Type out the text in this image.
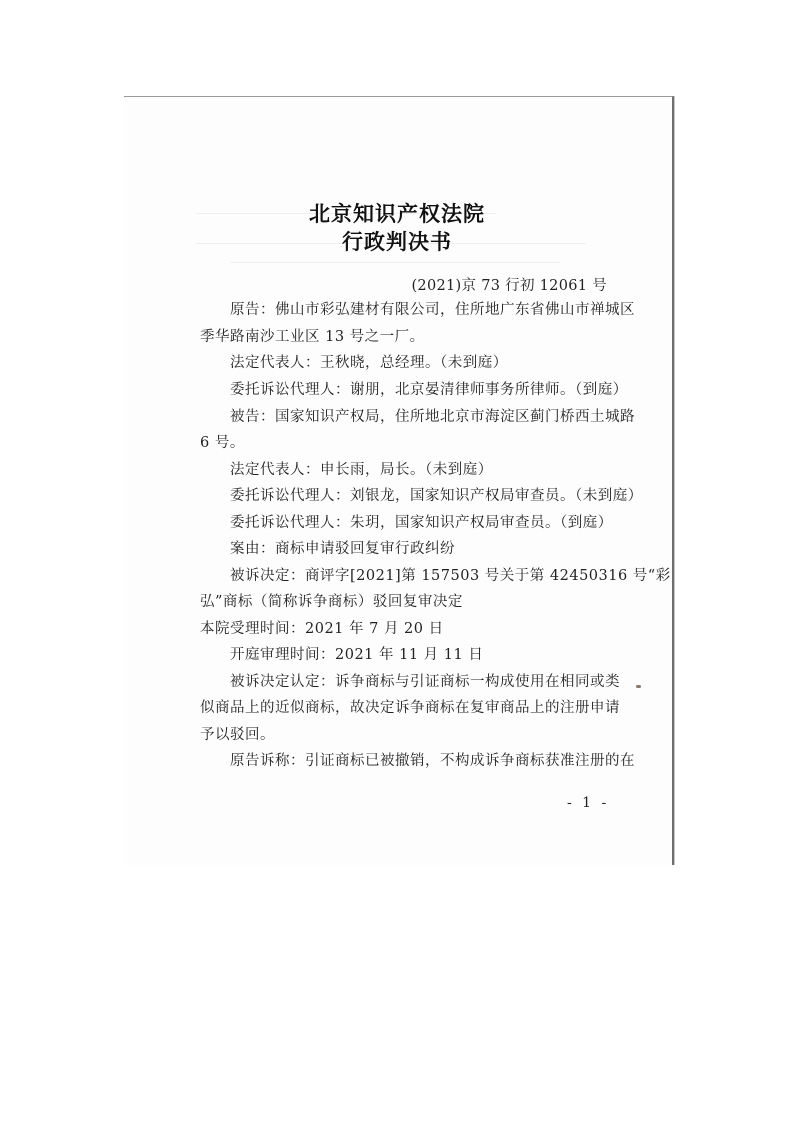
北京知识产权法院
行政判决书
(2021)京 73 行初 12061 号
原告：佛山市彩弘建材有限公司，住所地广东省佛山市禅城区
季华路南沙工业区 13 号之一厂。
法定代表人：王秋晓，总经理。（未到庭）
委托诉讼代理人：谢朋，北京晏清律师事务所律师。（到庭）
被告：国家知识产权局，住所地北京市海淀区蓟门桥西土城路
6 号。
法定代表人：申长雨，局长。（未到庭）
委托诉讼代理人：刘银龙，国家知识产权局审查员。（未到庭）
委托诉讼代理人：朱玥，国家知识产权局审查员。（到庭）
案由：商标申请驳回复审行政纠纷
被诉决定：商评字[2021]第 157503 号关于第 42450316 号“彩
弘”商标（简称诉争商标）驳回复审决定
本院受理时间：2021 年 7 月 20 日
开庭审理时间：2021 年 11 月 11 日
被诉决定认定：诉争商标与引证商标一构成使用在相同或类
似商品上的近似商标，故决定诉争商标在复审商品上的注册申请
予以驳回。
原告诉称：引证商标已被撤销，不构成诉争商标获准注册的在
- 1 -
